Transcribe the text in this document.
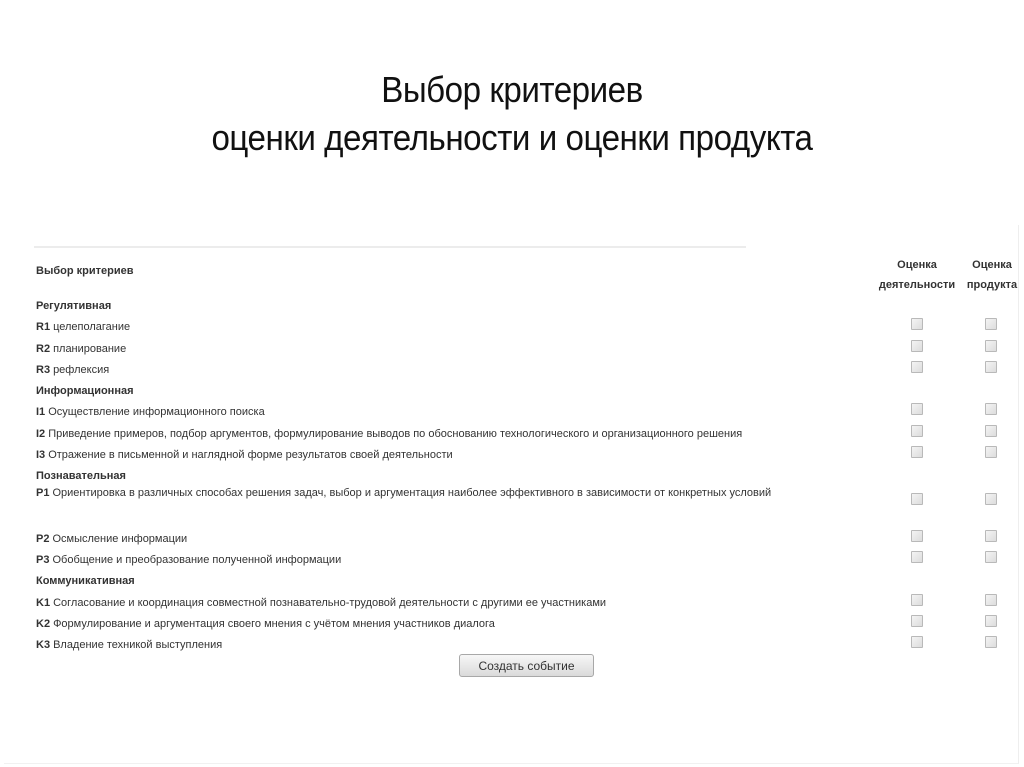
Выбор критериев
оценки деятельности и оценки продукта
Выбор критериев	Оценка
деятельности
Оценка
продукта
Регулятивная
R1 целеполагание
R2 планирование
R3 рефлексия
Информационная
I1 Осуществление информационного поиска
I2 Приведение примеров, подбор аргументов, формулирование выводов по обоснованию технологического и организационного решения
I3 Отражение в письменной и наглядной форме результатов своей деятельности
Познавательная
P1 Ориентировка в различных способах решения задач, выбор и аргументация наиболее эффективного в зависимости от конкретных условий
P2 Осмысление информации
P3 Обобщение и преобразование полученной информации
Коммуникативная
K1 Согласование и координация совместной познавательно-трудовой деятельности с другими ее участниками
K2 Формулирование и аргументация своего мнения с учётом мнения участников диалога
K3 Владение техникой выступления
Создать событие
